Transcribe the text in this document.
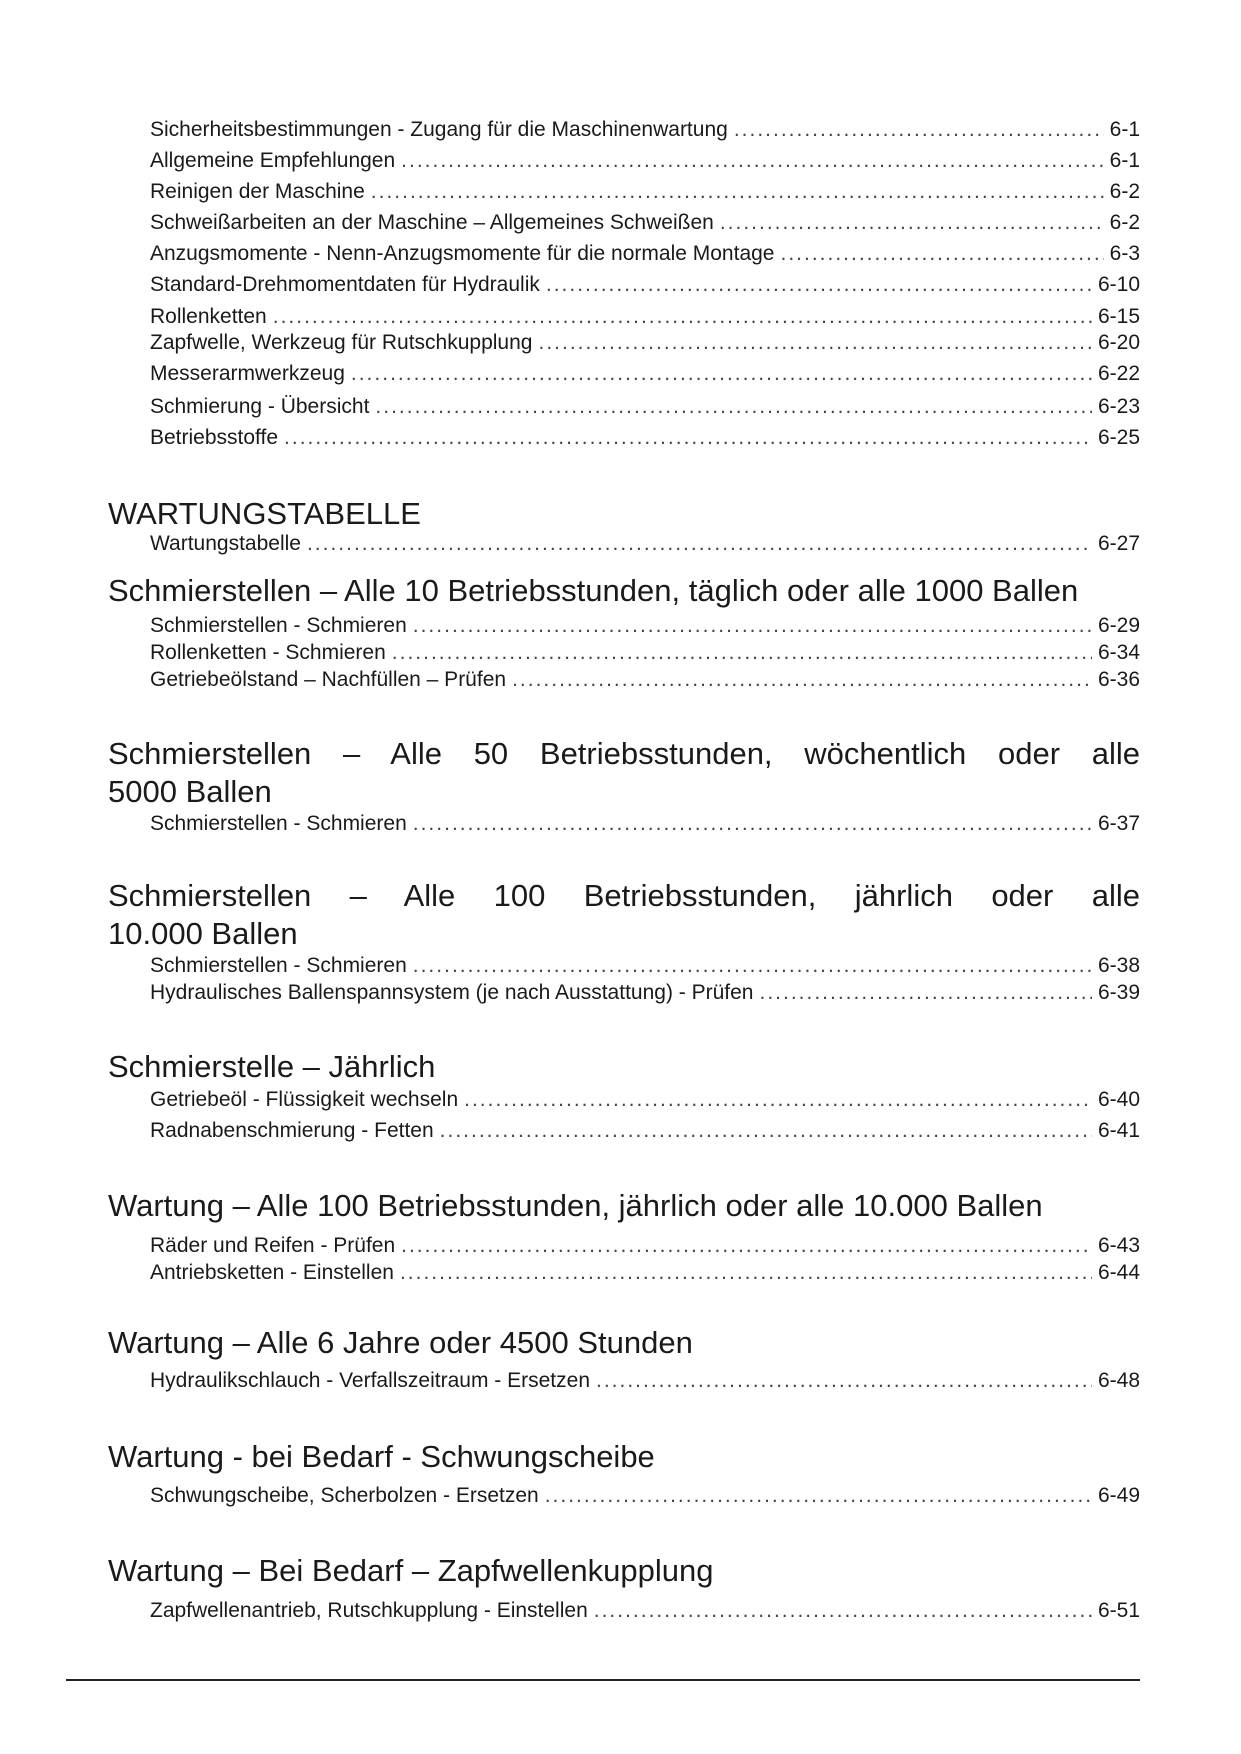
Sicherheitsbestimmungen - Zugang für die Maschinenwartung .....	6-1
Allgemeine Empfehlungen .....	6-1
Reinigen der Maschine .....	6-2
Schweißarbeiten an der Maschine – Allgemeines Schweißen .....	6-2
Anzugsmomente - Nenn-Anzugsmomente für die normale Montage .....	6-3
Standard-Drehmomentdaten für Hydraulik .....	6-10
Rollenketten .....	6-15
Zapfwelle, Werkzeug für Rutschkupplung .....	6-20
Messerarmwerkzeug .....	6-22
Schmierung - Übersicht .....	6-23
Betriebsstoffe .....	6-25
WARTUNGSTABELLE
Wartungstabelle .....	6-27
Schmierstellen – Alle 10 Betriebsstunden, täglich oder alle 1000 Ballen
Schmierstellen - Schmieren .....	6-29
Rollenketten - Schmieren .....	6-34
Getriebeölstand – Nachfüllen – Prüfen .....	6-36
Schmierstellen – Alle 50 Betriebsstunden, wöchentlich oder alle
5000 Ballen
Schmierstellen - Schmieren .....	6-37
Schmierstellen – Alle 100 Betriebsstunden, jährlich oder alle
10.000 Ballen
Schmierstellen - Schmieren .....	6-38
Hydraulisches Ballenspannsystem (je nach Ausstattung) - Prüfen .....	6-39
Schmierstelle – Jährlich
Getriebeöl - Flüssigkeit wechseln .....	6-40
Radnabenschmierung - Fetten .....	6-41
Wartung – Alle 100 Betriebsstunden, jährlich oder alle 10.000 Ballen
Räder und Reifen - Prüfen .....	6-43
Antriebsketten - Einstellen .....	6-44
Wartung – Alle 6 Jahre oder 4500 Stunden
Hydraulikschlauch - Verfallszeitraum - Ersetzen .....	6-48
Wartung - bei Bedarf - Schwungscheibe
Schwungscheibe, Scherbolzen - Ersetzen .....	6-49
Wartung – Bei Bedarf – Zapfwellenkupplung
Zapfwellenantrieb, Rutschkupplung - Einstellen .....	6-51
